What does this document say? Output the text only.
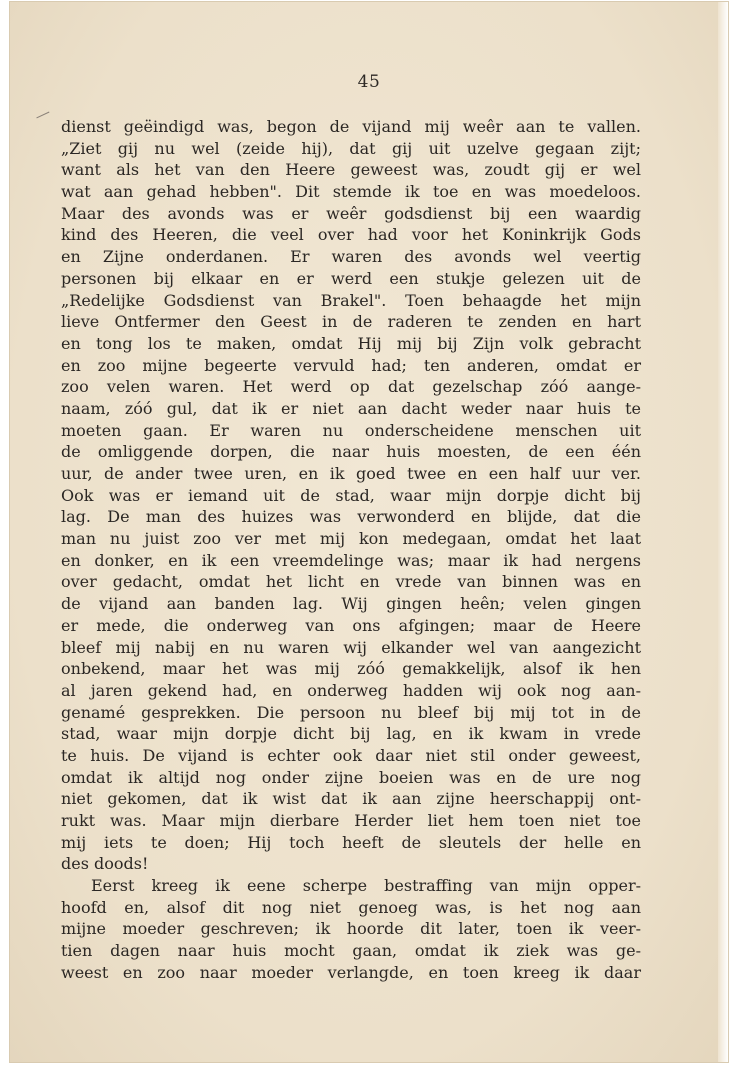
45
dienst geëindigd was, begon de vijand mij weêr aan te vallen.
„Ziet gij nu wel (zeide hij), dat gij uit uzelve gegaan zijt;
want als het van den Heere geweest was, zoudt gij er wel
wat aan gehad hebben". Dit stemde ik toe en was moedeloos.
Maar des avonds was er weêr godsdienst bij een waardig
kind des Heeren, die veel over had voor het Koninkrijk Gods
en Zijne onderdanen. Er waren des avonds wel veertig
personen bij elkaar en er werd een stukje gelezen uit de
„Redelijke Godsdienst van Brakel". Toen behaagde het mijn
lieve Ontfermer den Geest in de raderen te zenden en hart
en tong los te maken, omdat Hij mij bij Zijn volk gebracht
en zoo mijne begeerte vervuld had; ten anderen, omdat er
zoo velen waren. Het werd op dat gezelschap zóó aange-
naam, zóó gul, dat ik er niet aan dacht weder naar huis te
moeten gaan. Er waren nu onderscheidene menschen uit
de omliggende dorpen, die naar huis moesten, de een één
uur, de ander twee uren, en ik goed twee en een half uur ver.
Ook was er iemand uit de stad, waar mijn dorpje dicht bij
lag. De man des huizes was verwonderd en blijde, dat die
man nu juist zoo ver met mij kon medegaan, omdat het laat
en donker, en ik een vreemdelinge was; maar ik had nergens
over gedacht, omdat het licht en vrede van binnen was en
de vijand aan banden lag. Wij gingen heên; velen gingen
er mede, die onderweg van ons afgingen; maar de Heere
bleef mij nabij en nu waren wij elkander wel van aangezicht
onbekend, maar het was mij zóó gemakkelijk, alsof ik hen
al jaren gekend had, en onderweg hadden wij ook nog aan-
genamé gesprekken. Die persoon nu bleef bij mij tot in de
stad, waar mijn dorpje dicht bij lag, en ik kwam in vrede
te huis. De vijand is echter ook daar niet stil onder geweest,
omdat ik altijd nog onder zijne boeien was en de ure nog
niet gekomen, dat ik wist dat ik aan zijne heerschappij ont-
rukt was. Maar mijn dierbare Herder liet hem toen niet toe
mij iets te doen; Hij toch heeft de sleutels der helle en
des doods!
Eerst kreeg ik eene scherpe bestraffing van mijn opper-
hoofd en, alsof dit nog niet genoeg was, is het nog aan
mijne moeder geschreven; ik hoorde dit later, toen ik veer-
tien dagen naar huis mocht gaan, omdat ik ziek was ge-
weest en zoo naar moeder verlangde, en toen kreeg ik daar
